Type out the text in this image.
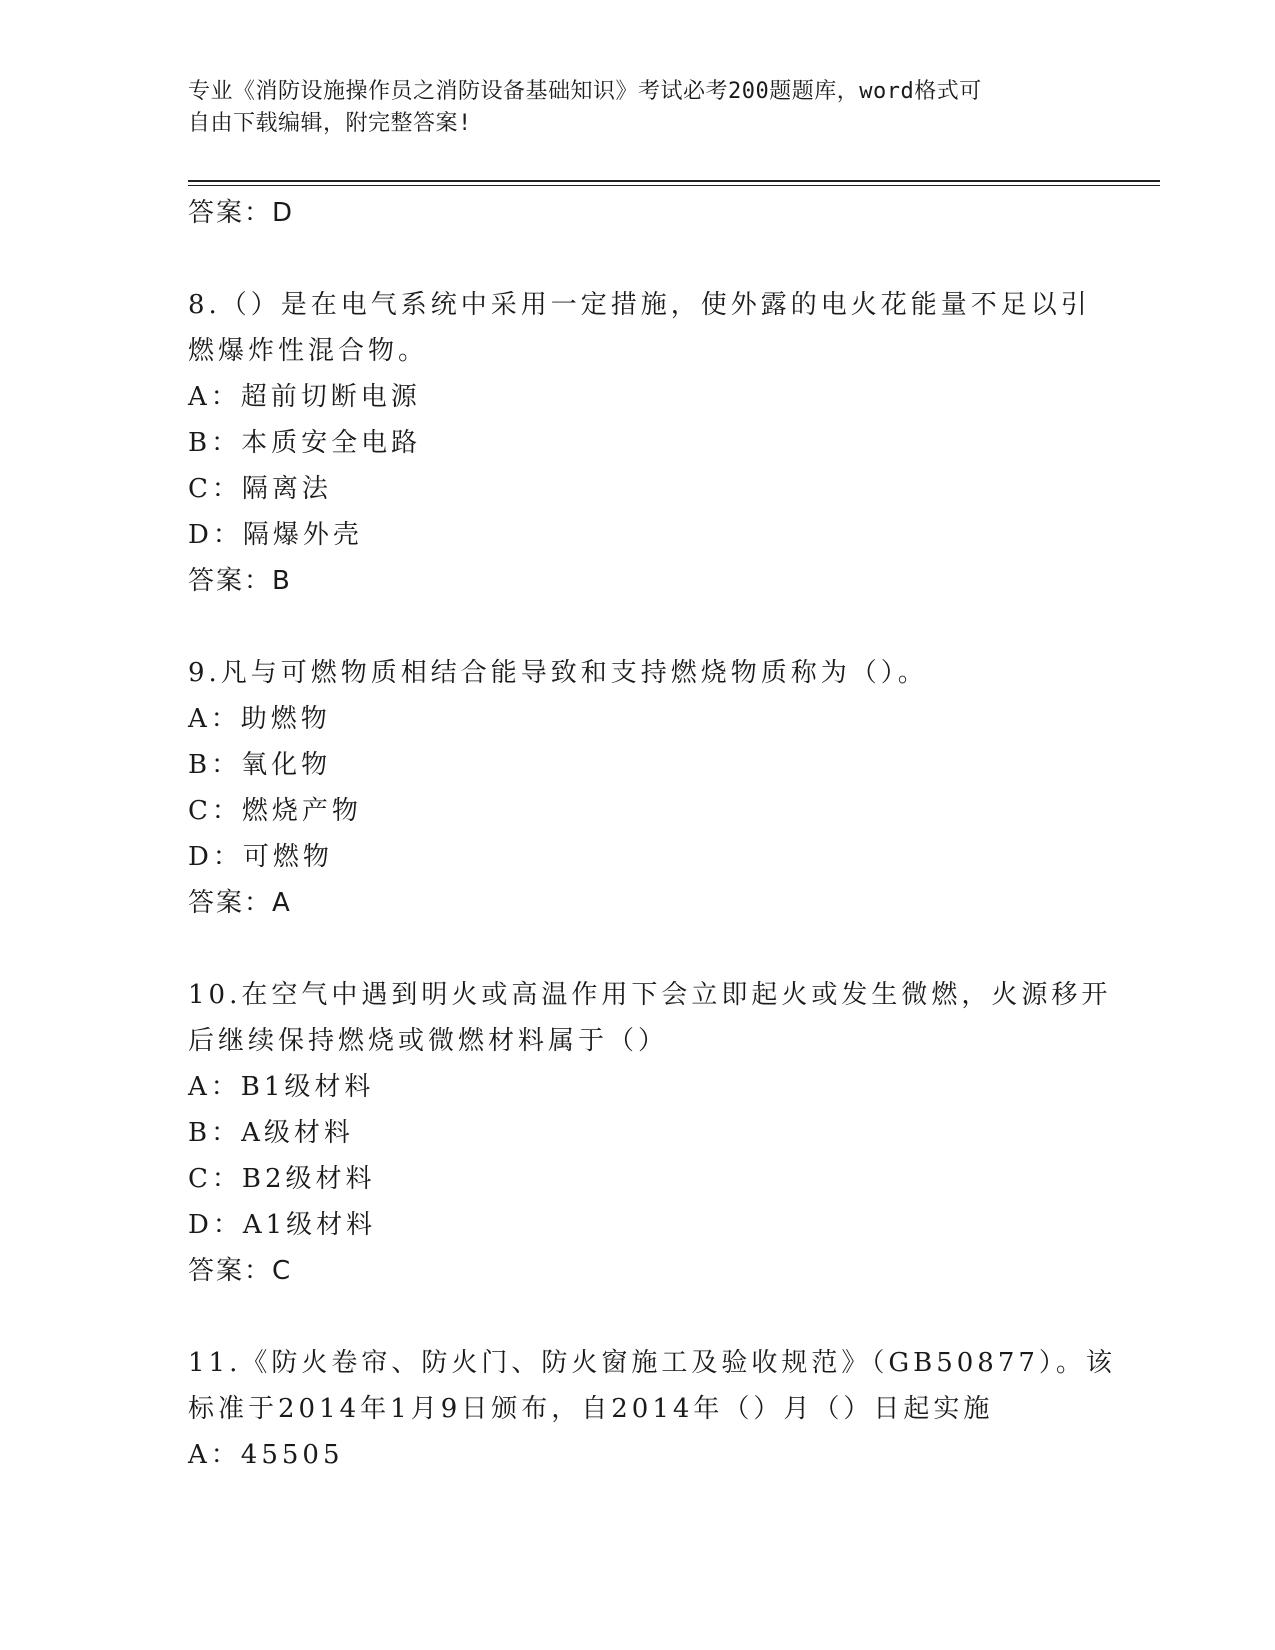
专业《消防设施操作员之消防设备基础知识》考试必考200题题库，word格式可
自由下载编辑，附完整答案!
答案：D
8.（）是在电气系统中采用一定措施，使外露的电火花能量不足以引
燃爆炸性混合物。
A：超前切断电源
B：本质安全电路
C：隔离法
D：隔爆外壳
答案：B
9.凡与可燃物质相结合能导致和支持燃烧物质称为（）。
A：助燃物
B：氧化物
C：燃烧产物
D：可燃物
答案：A
10.在空气中遇到明火或高温作用下会立即起火或发生微燃，火源移开
后继续保持燃烧或微燃材料属于（）
A：B1级材料
B：A级材料
C：B2级材料
D：A1级材料
答案：C
11.《防火卷帘、防火门、防火窗施工及验收规范》（GB50877）。该
标准于2014年1月9日颁布，自2014年（）月（）日起实施
A：45505
